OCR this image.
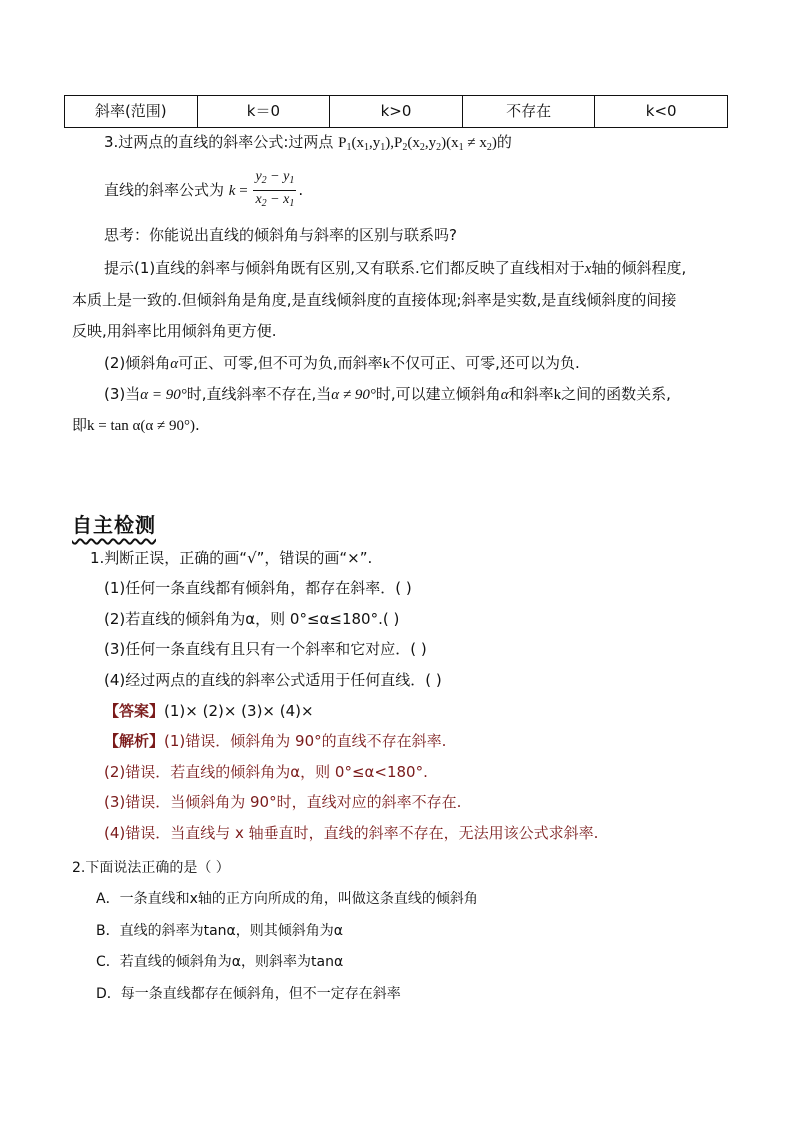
斜率(范围)	k＝0	k>0	不存在	k<0
3.过两点的直线的斜率公式:过两点 $P_1(x_1,y_1),P_2(x_2,y_2)(x_1 \ne x_2)$的
直线的斜率公式为 $k = \frac{y_2 - y_1}{x_2 - x_1}$ .
思考：你能说出直线的倾斜角与斜率的区别与联系吗?
提示(1)直线的斜率与倾斜角既有区别,又有联系.它们都反映了直线相对于x轴的倾斜程度,
本质上是一致的.但倾斜角是角度,是直线倾斜度的直接体现;斜率是实数,是直线倾斜度的间接
反映,用斜率比用倾斜角更方便.
(2)倾斜角α可正、可零,但不可为负,而斜率k不仅可正、可零,还可以为负.
(3)当α = 90°时,直线斜率不存在,当α ≠ 90°时,可以建立倾斜角α和斜率k之间的函数关系,
即k = tan α(α ≠ 90°).
自主检测
1.判断正误，正确的画“√”，错误的画“×”.
(1)任何一条直线都有倾斜角，都存在斜率．( )
(2)若直线的倾斜角为α，则 0°≤α≤180°.( )
(3)任何一条直线有且只有一个斜率和它对应．( )
(4)经过两点的直线的斜率公式适用于任何直线．( )
【答案】(1)× (2)× (3)× (4)×
【解析】(1)错误．倾斜角为 90°的直线不存在斜率.
(2)错误．若直线的倾斜角为α，则 0°≤α<180°.
(3)错误．当倾斜角为 90°时，直线对应的斜率不存在.
(4)错误．当直线与 x 轴垂直时，直线的斜率不存在，无法用该公式求斜率.
2.下面说法正确的是（ ）
A．一条直线和x轴的正方向所成的角，叫做这条直线的倾斜角
B．直线的斜率为tanα，则其倾斜角为α
C．若直线的倾斜角为α，则斜率为tanα
D．每一条直线都存在倾斜角，但不一定存在斜率
